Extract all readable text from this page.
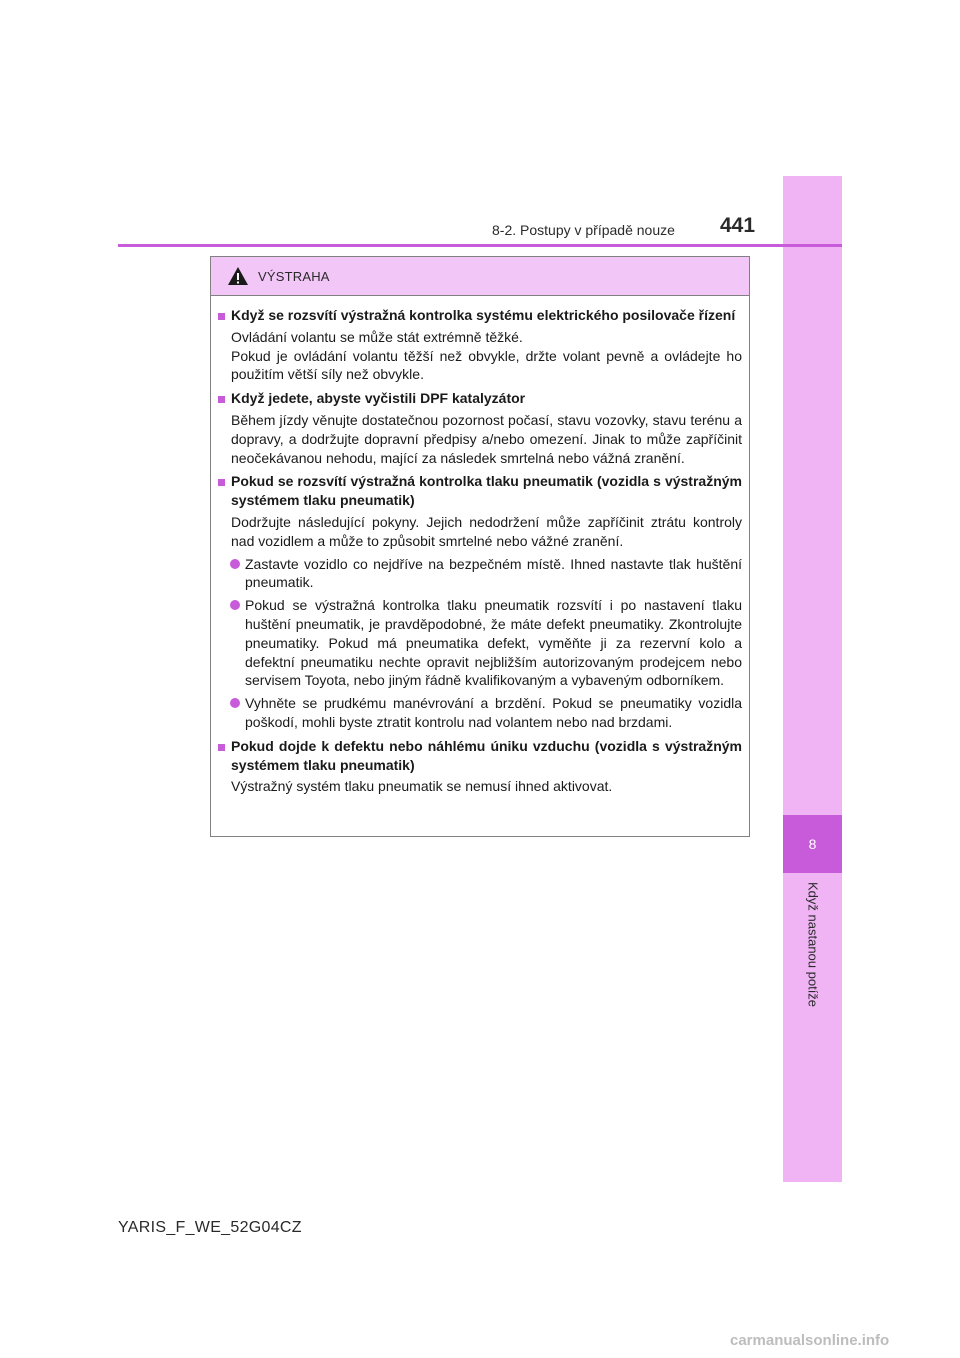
8
Když nastanou potíže
8-2. Postupy v případě nouze 441
VÝSTRAHA
Když se rozsvítí výstražná kontrolka systému elektrického posilovače řízení

Ovládání volantu se může stát extrémně těžké.

Pokud je ovládání volantu těžší než obvykle, držte volant pevně a ovládejte ho použitím větší síly než obvykle.

Když jedete, abyste vyčistili DPF katalyzátor

Během jízdy věnujte dostatečnou pozornost počasí, stavu vozovky, stavu terénu a dopravy, a dodržujte dopravní předpisy a/nebo omezení. Jinak to může zapříčinit neočekávanou nehodu, mající za následek smrtelná nebo vážná zranění.

Pokud se rozsvítí výstražná kontrolka tlaku pneumatik (vozidla s výstražným systémem tlaku pneumatik)

Dodržujte následující pokyny. Jejich nedodržení může zapříčinit ztrátu kontroly nad vozidlem a může to způsobit smrtelné nebo vážné zranění.

Zastavte vozidlo co nejdříve na bezpečném místě. Ihned nastavte tlak huštění pneumatik.
Pokud se výstražná kontrolka tlaku pneumatik rozsvítí i po nastavení tlaku huštění pneumatik, je pravděpodobné, že máte defekt pneumatiky. Zkontrolujte pneumatiky. Pokud má pneumatika defekt, vyměňte ji za rezervní kolo a defektní pneumatiku nechte opravit nejbližším autorizovaným prodejcem nebo servisem Toyota, nebo jiným řádně kvalifikovaným a vybaveným odborníkem.
Vyhněte se prudkému manévrování a brzdění. Pokud se pneumatiky vozidla poškodí, mohli byste ztratit kontrolu nad volantem nebo nad brzdami.
Pokud dojde k defektu nebo náhlému úniku vzduchu (vozidla s výstražným systémem tlaku pneumatik)

Výstražný systém tlaku pneumatik se nemusí ihned aktivovat.

YARIS_F_WE_52G04CZ
carmanualsonline.info
